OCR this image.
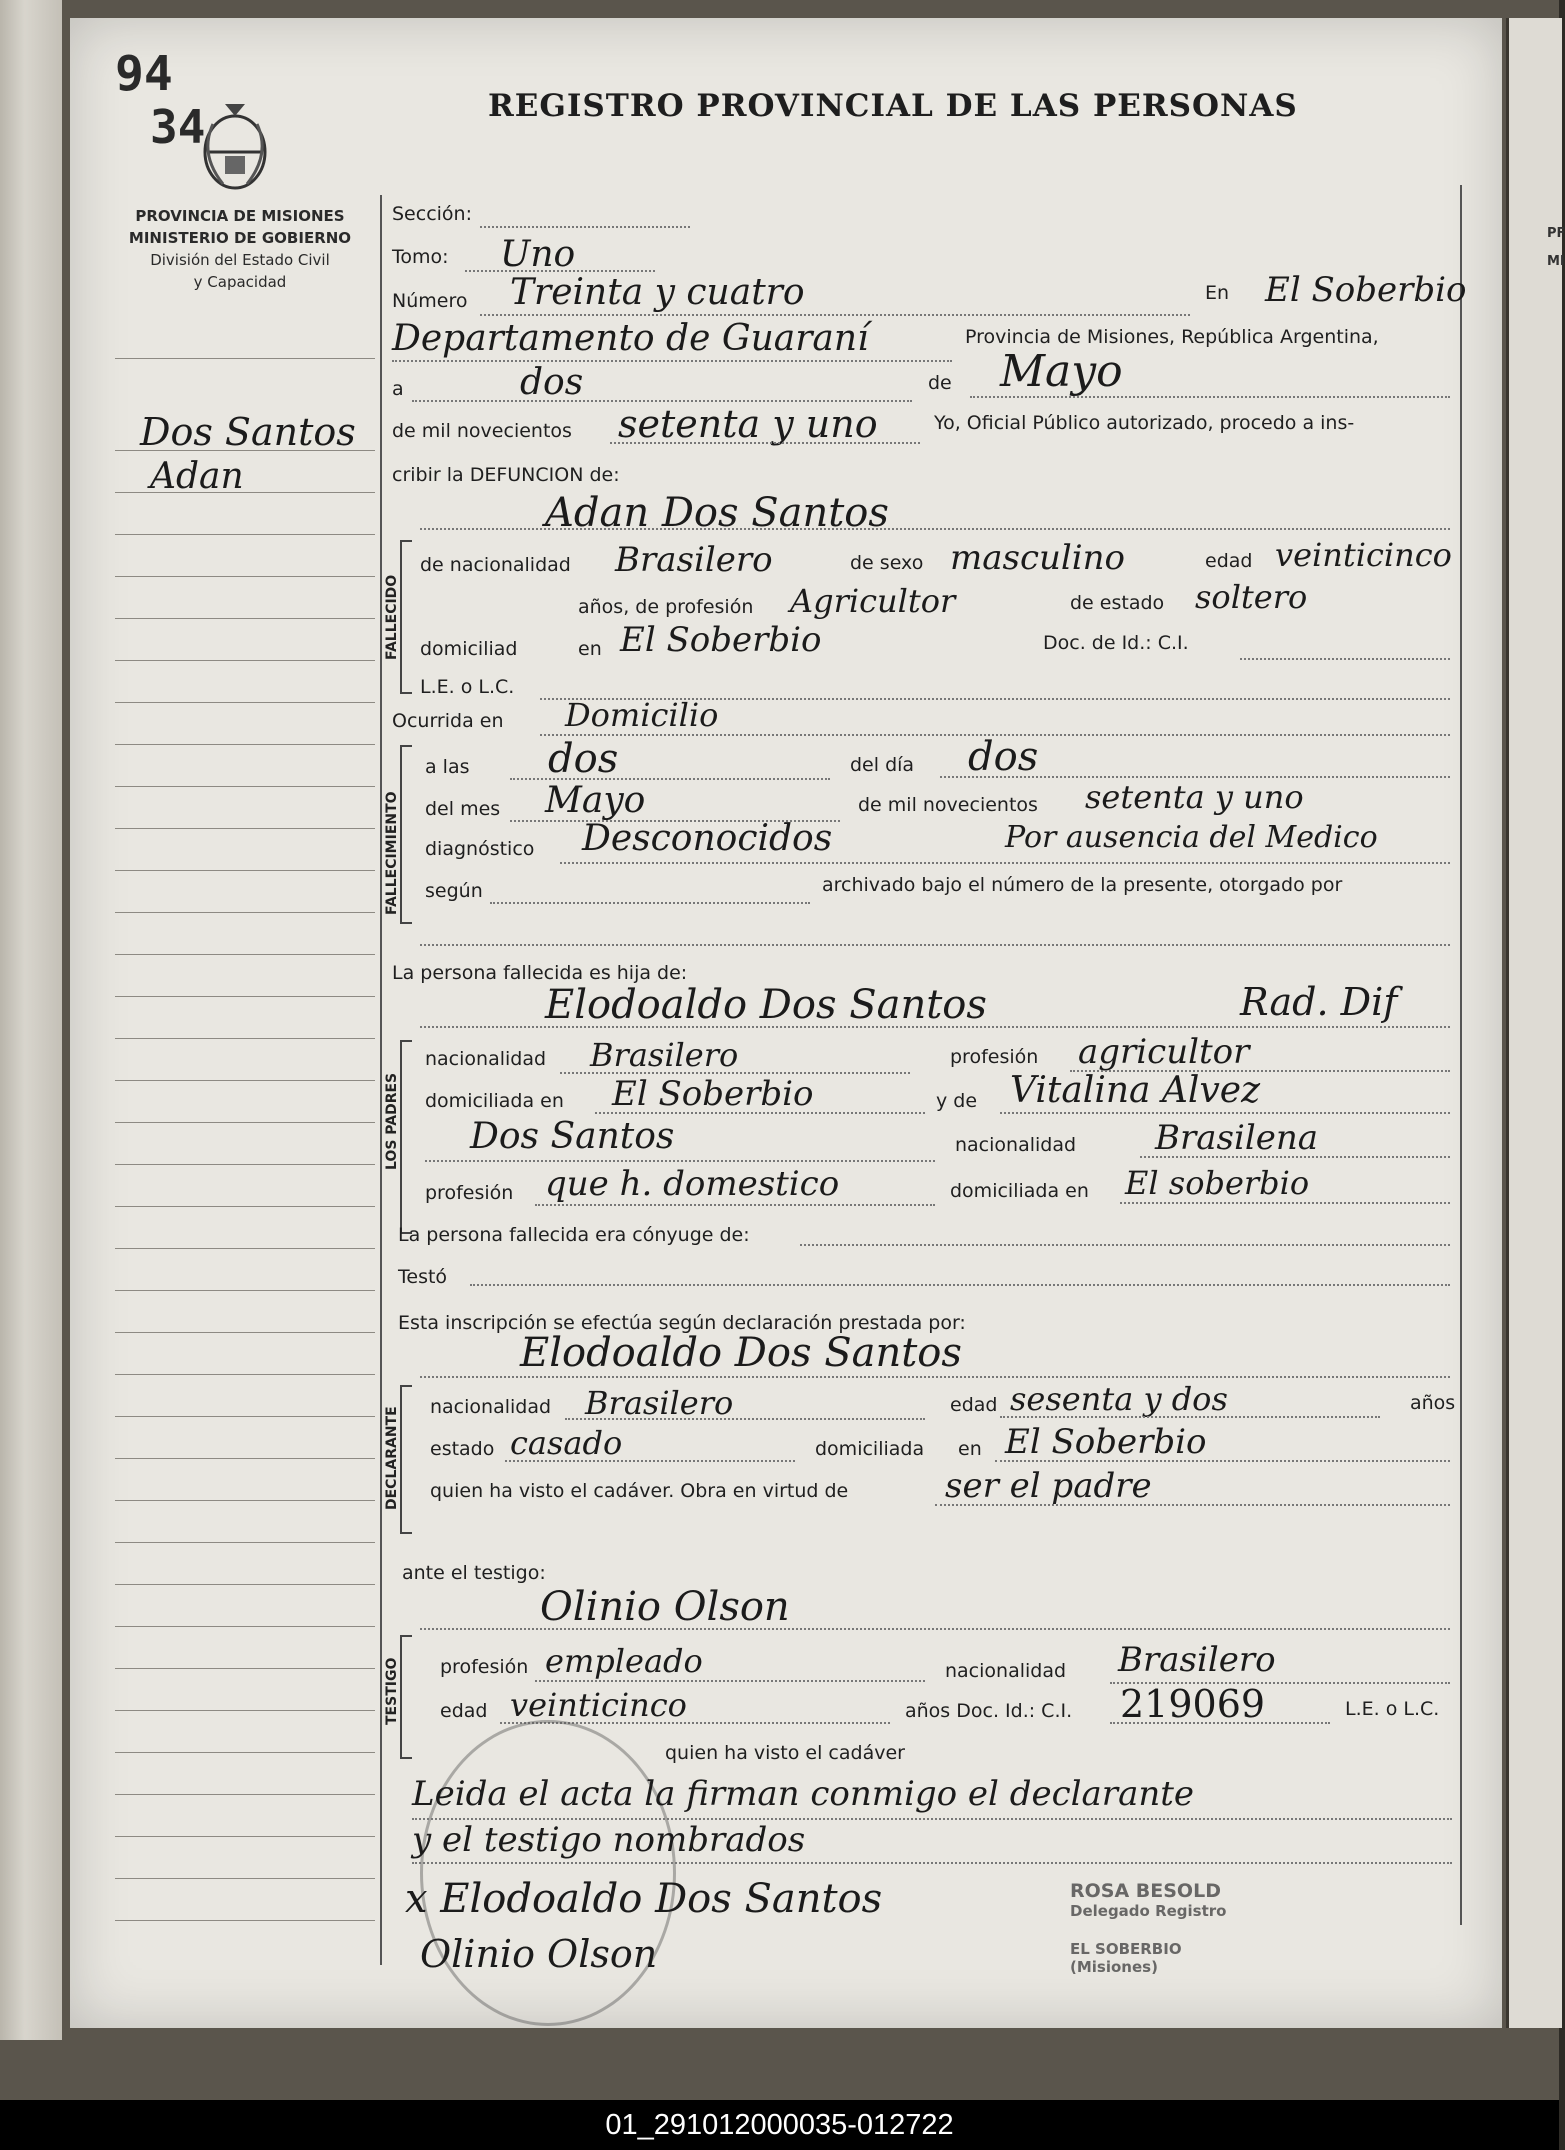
PF
MI
94
34	REGISTRO PROVINCIAL DE LAS PERSONAS
PROVINCIA DE MISIONES
MINISTERIO DE GOBIERNO
División del Estado Civil
y Capacidad
Dos Santos
Adan
Sección:
Tomo: Uno
Número Treinta y cuatro	En El Soberbio
Departamento de Guaraní	Provincia de Misiones, República Argentina,
a	dos	de Mayo
de mil novecientos setenta y uno	Yo, Oficial Público autorizado, procedo a ins-
cribir la DEFUNCION de:
Adan Dos Santos
FALLECIDO
de nacionalidad Brasilero	de sexo masculino	edad veinticinco
años, de profesión Agricultor	de estado soltero
domiciliad	en El Soberbio	Doc. de Id.: C.I.
L.E. o L.C.
Ocurrida en Domicilio
FALLECIMIENTO
a las dos	del día dos
del mes Mayo	de mil novecientos setenta y uno
diagnóstico Desconocidos	Por ausencia del Medico
según	archivado bajo el número de la presente, otorgado por
La persona fallecida es hija de:
Elodoaldo Dos Santos	Rad. Dif
LOS PADRES
nacionalidad Brasilero	profesión agricultor
domiciliada en El Soberbio	y de Vitalina Alvez
Dos Santos	nacionalidad Brasilena
profesión que h. domestico	domiciliada en El soberbio
La persona fallecida era cónyuge de:
Testó
Esta inscripción se efectúa según declaración prestada por:
Elodoaldo Dos Santos
DECLARANTE nacionalidad Brasilero	edad sesenta y dos	años
estado casado	domiciliada en El Soberbio
quien ha visto el cadáver. Obra en virtud de	ser el padre
ante el testigo:
Olinio Olson
TESTIGO profesión empleado	nacionalidad Brasilero
edad veinticinco	años Doc. Id.: C.I. 219069	L.E. o L.C.
quien ha visto el cadáver
Leida el acta la firman conmigo el declarante
y el testigo nombrados
x Elodoaldo Dos Santos
Olinio Olson
ROSA BESOLD
Delegado Registro
EL SOBERBIO
(Misiones)
01_291012000035-012722
